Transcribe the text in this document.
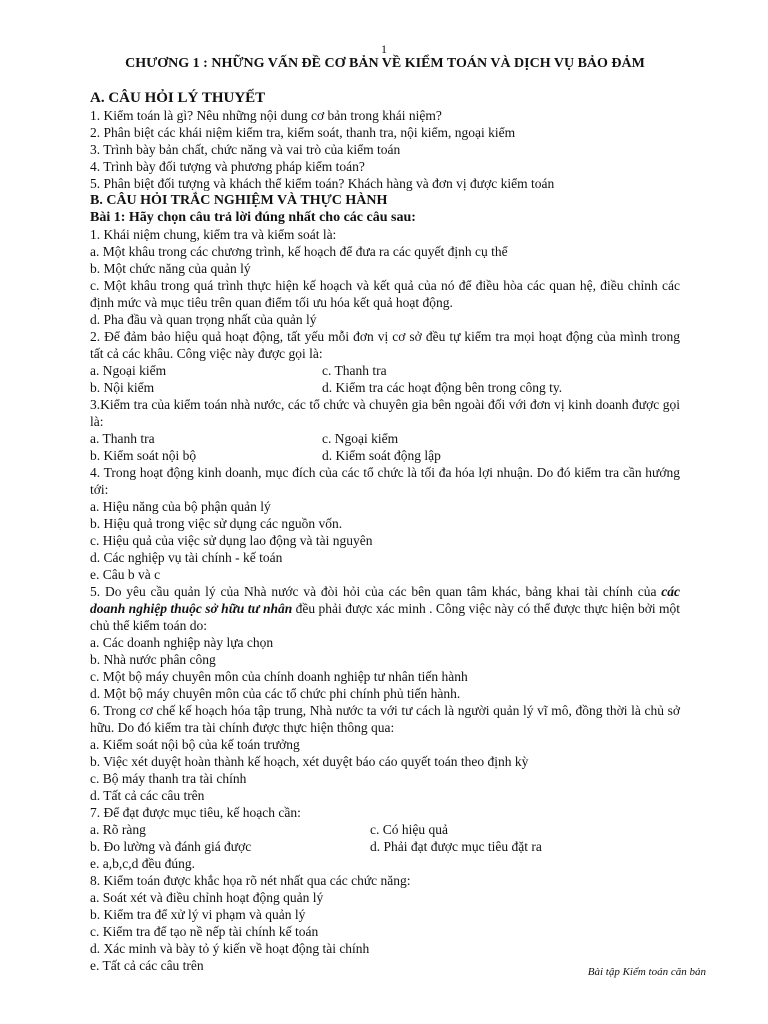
1

CHƯƠNG 1 : NHỮNG VẤN ĐỀ CƠ BẢN VỀ KIỂM TOÁN VÀ DỊCH VỤ BẢO ĐẢM

A. CÂU HỎI LÝ THUYẾT

1. Kiểm toán là gì? Nêu những nội dung cơ bản trong khái niệm?

2. Phân biệt các khái niệm kiểm tra, kiểm soát, thanh tra, nội kiểm, ngoại kiểm

3. Trình bày bản chất, chức năng và vai trò của kiểm toán

4. Trình bày đối tượng và phương pháp kiểm toán?

5. Phân biệt đối tượng và khách thể kiểm toán? Khách hàng và đơn vị được kiểm toán

B. CÂU HỎI TRẮC NGHIỆM VÀ THỰC HÀNH

Bài 1: Hãy chọn câu trả lời đúng nhất cho các câu sau:

1. Khái niệm chung, kiểm tra và kiểm soát là:

a. Một khâu trong các chương trình, kế hoạch để đưa ra các quyết định cụ thể

b. Một chức năng của quản lý

c. Một khâu trong quá trình thực hiện kế hoạch và kết quả của nó để điều hòa các quan hệ, điều chỉnh các định mức và mục tiêu trên quan điểm tối ưu hóa kết quả hoạt động.

d. Pha đầu và quan trọng nhất của quản lý

2. Để đảm bảo hiệu quả hoạt động, tất yếu mỗi đơn vị cơ sở đều tự kiểm tra mọi hoạt động của mình trong tất cả các khâu. Công việc này được gọi là:

a. Ngoại kiểm	c. Thanh tra
b. Nội kiểm	d. Kiểm tra các hoạt động bên trong công ty.

3.Kiểm tra của kiểm toán nhà nước, các tổ chức và chuyên gia bên ngoài đối với đơn vị kinh doanh được gọi là:

a. Thanh tra	c. Ngoại kiểm
b. Kiểm soát nội bộ	d. Kiểm soát động lập

4. Trong hoạt động kinh doanh, mục đích của các tổ chức là tối đa hóa lợi nhuận. Do đó kiểm tra cần hướng tới:

a. Hiệu năng của bộ phận quản lý

b. Hiệu quả trong việc sử dụng các nguồn vốn.

c. Hiệu quả của việc sử dụng lao động và tài nguyên

d. Các nghiệp vụ tài chính - kế toán

e. Câu b và c

5. Do yêu cầu quản lý của Nhà nước và đòi hỏi của các bên quan tâm khác, bảng khai tài chính của các doanh nghiệp thuộc sở hữu tư nhân đều phải được xác minh . Công việc này có thể được thực hiện bởi một chủ thể kiểm toán do:

a. Các doanh nghiệp này lựa chọn

b. Nhà nước phân công

c. Một bộ máy chuyên môn của chính doanh nghiệp tư nhân tiến hành

d. Một bộ máy chuyên môn của các tổ chức phi chính phủ tiến hành.

6. Trong cơ chế kế hoạch hóa tập trung, Nhà nước ta với tư cách là người quản lý vĩ mô, đồng thời là chủ sở hữu. Do đó kiểm tra tài chính được thực hiện thông qua:

a. Kiểm soát nội bộ của kế toán trưởng

b. Việc xét duyệt hoàn thành kế hoạch, xét duyệt báo cáo quyết toán theo định kỳ

c. Bộ máy thanh tra tài chính

d. Tất cả các câu trên

7. Để đạt được mục tiêu, kế hoạch cần:

a. Rõ ràng	c. Có hiệu quả
b. Đo lường và đánh giá được	d. Phải đạt được mục tiêu đặt ra

e. a,b,c,d đều đúng.

8. Kiểm toán được khắc họa rõ nét nhất qua các chức năng:

a. Soát xét và điều chỉnh hoạt động quản lý

b. Kiểm tra để xử lý vi phạm và quản lý

c. Kiểm tra để tạo nề nếp tài chính kế toán

d. Xác minh và bày tỏ ý kiến về hoạt động tài chính

e. Tất cả các câu trên	Bài tập Kiểm toán căn bản
